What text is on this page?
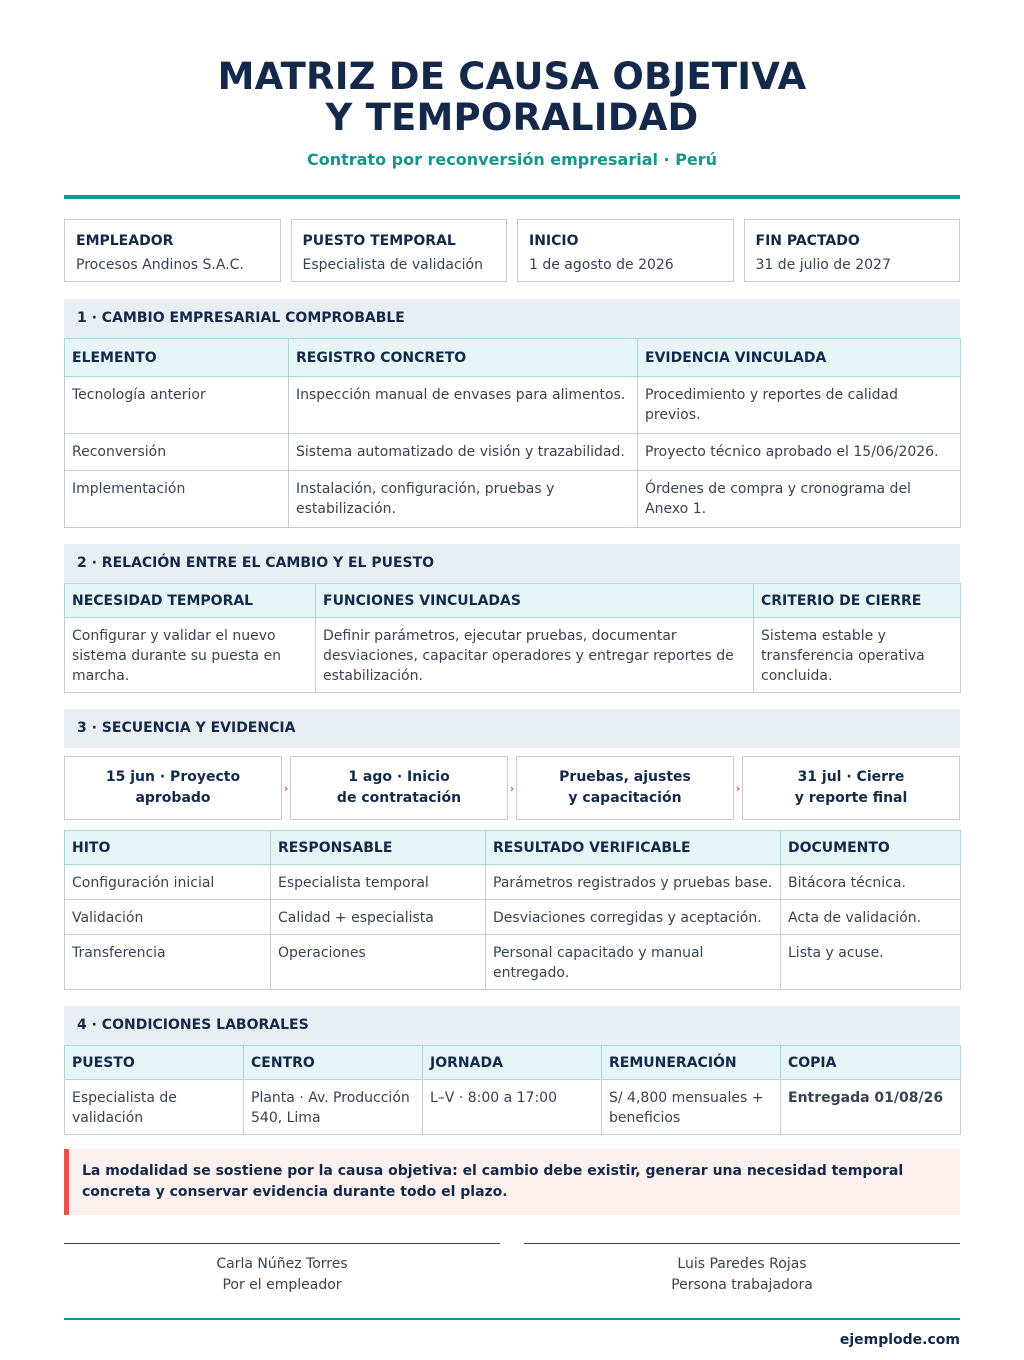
MATRIZ DE CAUSA OBJETIVA
Y TEMPORALIDAD
Contrato por reconversión empresarial · Perú
EMPLEADOR
Procesos Andinos S.A.C.
PUESTO TEMPORAL
Especialista de validación
INICIO
1 de agosto de 2026
FIN PACTADO
31 de julio de 2027
1 · CAMBIO EMPRESARIAL COMPROBABLE
ELEMENTO	REGISTRO CONCRETO	EVIDENCIA VINCULADA
Tecnología anterior	Inspección manual de envases para alimentos.	Procedimiento y reportes de calidad previos.
Reconversión	Sistema automatizado de visión y trazabilidad.	Proyecto técnico aprobado el 15/06/2026.
Implementación	Instalación, configuración, pruebas y estabilización.	Órdenes de compra y cronograma del Anexo 1.
2 · RELACIÓN ENTRE EL CAMBIO Y EL PUESTO
NECESIDAD TEMPORAL	FUNCIONES VINCULADAS	CRITERIO DE CIERRE
Configurar y validar el nuevo sistema durante su puesta en marcha.	Definir parámetros, ejecutar pruebas, documentar desviaciones, capacitar operadores y entregar reportes de estabilización.	Sistema estable y transferencia operativa concluida.
3 · SECUENCIA Y EVIDENCIA
15 jun · Proyecto
aprobado
›
1 ago · Inicio
de contratación
›
Pruebas, ajustes
y capacitación
›
31 jul · Cierre
y reporte final
HITO	RESPONSABLE	RESULTADO VERIFICABLE	DOCUMENTO
Configuración inicial	Especialista temporal	Parámetros registrados y pruebas base.	Bitácora técnica.
Validación	Calidad + especialista	Desviaciones corregidas y aceptación.	Acta de validación.
Transferencia	Operaciones	Personal capacitado y manual entregado.	Lista y acuse.
4 · CONDICIONES LABORALES
PUESTO	CENTRO	JORNADA	REMUNERACIÓN	COPIA
Especialista de validación	Planta · Av. Producción 540, Lima	L–V · 8:00 a 17:00	S/ 4,800 mensuales + beneficios	Entregada 01/08/26
La modalidad se sostiene por la causa objetiva: el cambio debe existir, generar una necesidad temporal concreta y conservar evidencia durante todo el plazo.
Carla Núñez Torres
Por el empleador
Luis Paredes Rojas
Persona trabajadora
ejemplode.com
